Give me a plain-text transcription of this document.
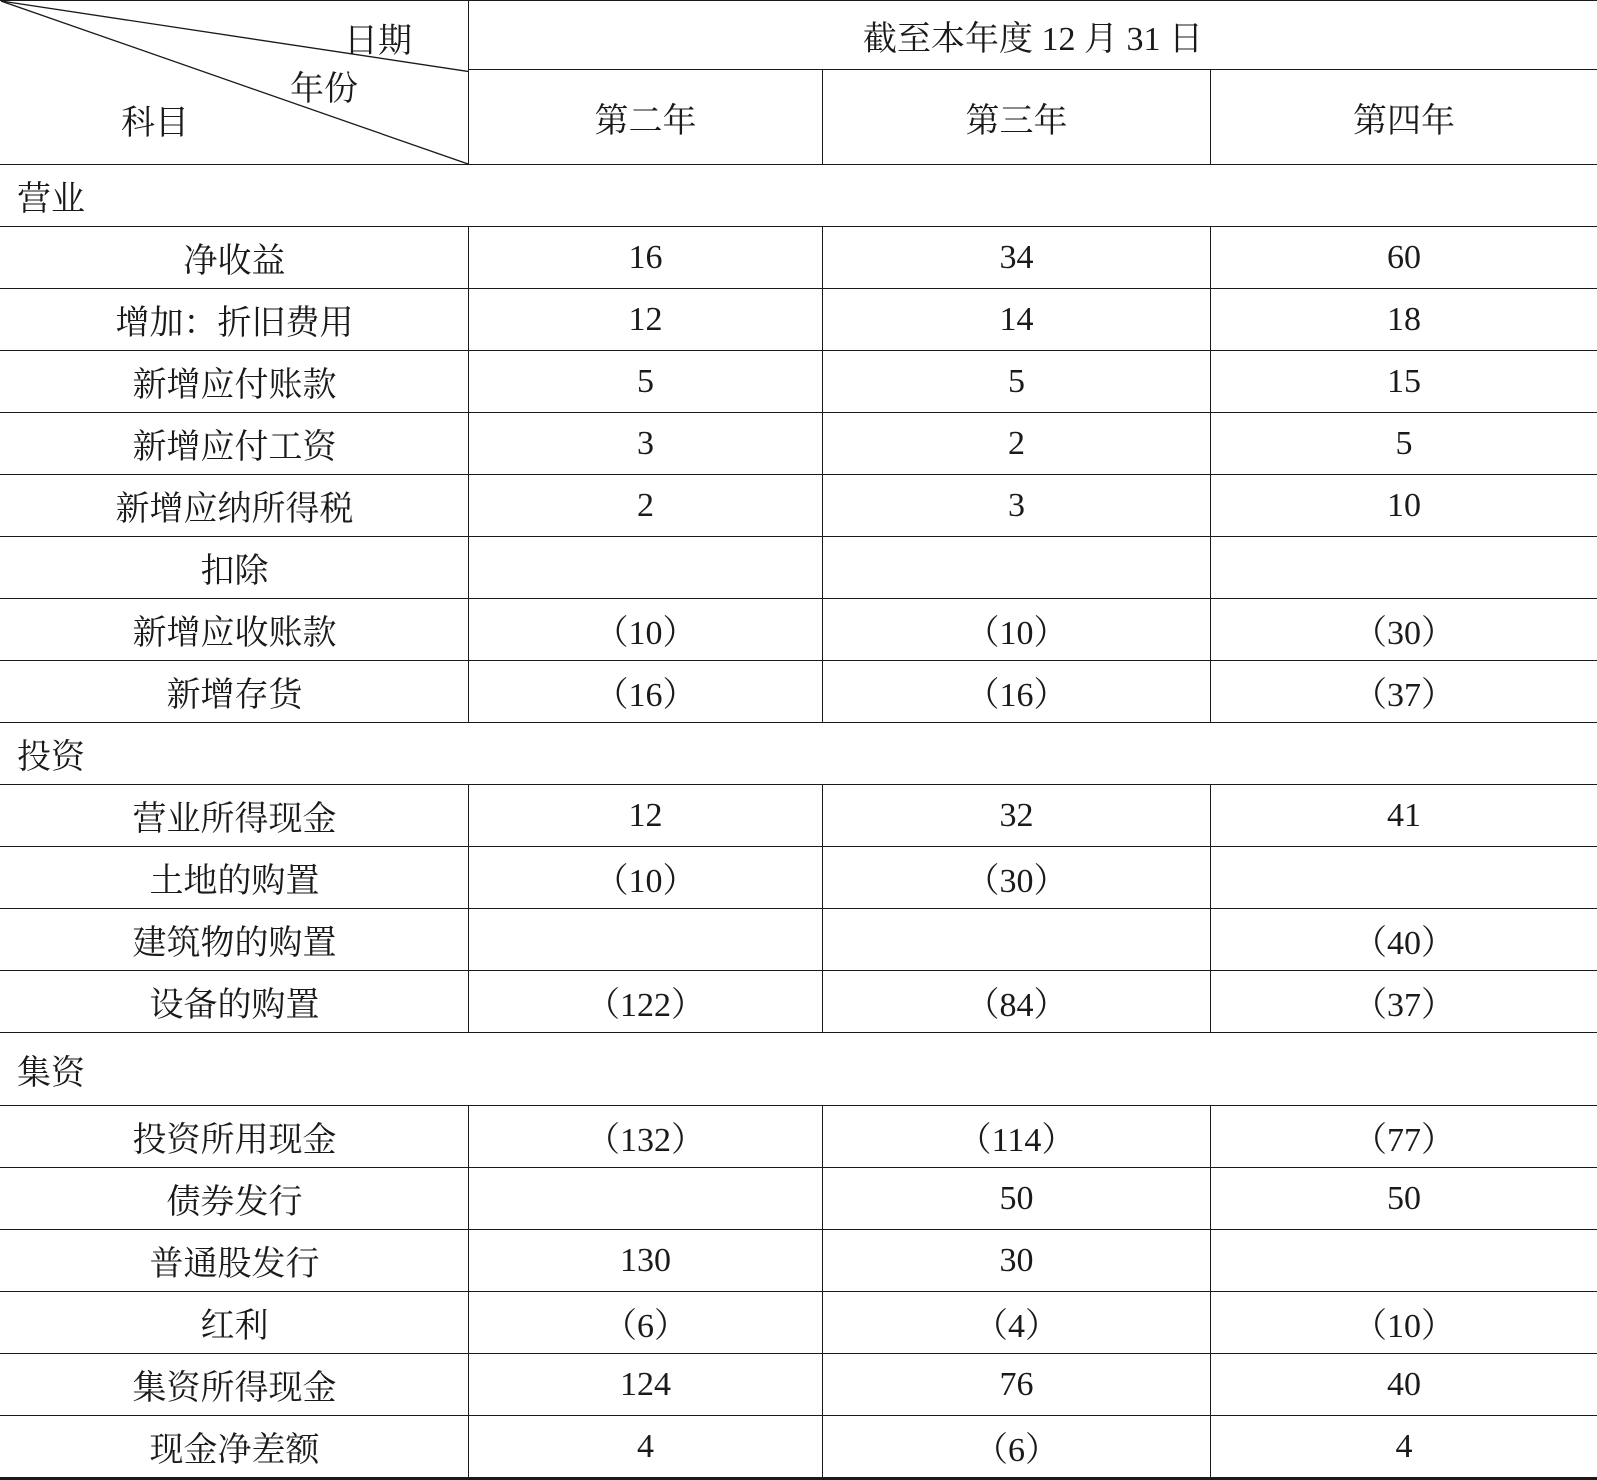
日期
年份
科目	截至本年度 12 月 31 日		
	第二年	第三年	第四年
营业			
净收益	16	34	60
增加：折旧费用	12	14	18
新增应付账款	5	5	15
新增应付工资	3	2	5
新增应纳所得税	2	3	10
扣除			
新增应收账款	（10）	（10）	（30）
新增存货	（16）	（16）	（37）
投资			
营业所得现金	12	32	41
土地的购置	（10）	（30）	
建筑物的购置			（40）
设备的购置	（122）	（84）	（37）
集资			
投资所用现金	（132）	（114）	（77）
债券发行		50	50
普通股发行	130	30	
红利	（6）	（4）	（10）
集资所得现金	124	76	40
现金净差额	4	（6）	4
